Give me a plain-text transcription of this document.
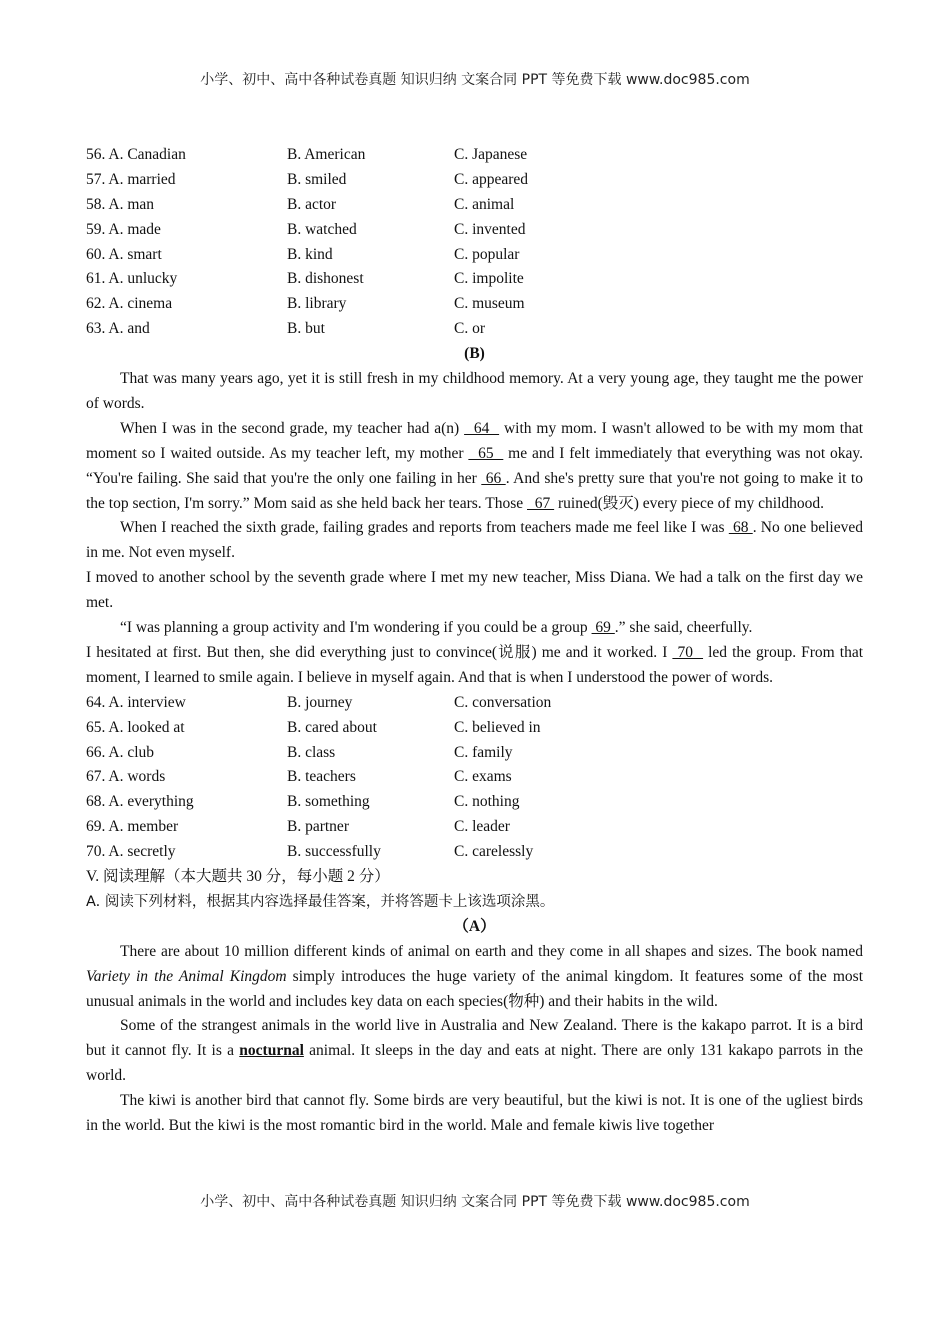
小学、初中、高中各种试卷真题 知识归纳 文案合同 PPT 等免费下载 www.doc985.com
56. A. Canadian	B. American	C. Japanese
57. A. married	B. smiled	C. appeared
58. A. man	B. actor	C. animal
59. A. made	B. watched	C. invented
60. A. smart	B. kind	C. popular
61. A. unlucky	B. dishonest	C. impolite
62. A. cinema	B. library	C. museum
63. A. and	B. but	C. or
(B)

That was many years ago, yet it is still fresh in my childhood memory. At a very young age, they taught me the power of words.

When I was in the second grade, my teacher had a(n)   64   with my mom. I wasn't allowed to be with my mom that moment so I waited outside. As my teacher left, my mother   65   me and I felt immediately that everything was not okay. “You're failing. She said that you're the only one failing in her  66 . And she's pretty sure that you're not going to make it to the top section, I'm sorry.” Mom said as she held back her tears. Those   67  ruined(毁灭) every piece of my childhood.

When I reached the sixth grade, failing grades and reports from teachers made me feel like I was  68 . No one believed in me. Not even myself.

I moved to another school by the seventh grade where I met my new teacher, Miss Diana. We had a talk on the first day we met.

“I was planning a group activity and I'm wondering if you could be a group  69 .” she said, cheerfully.

I hesitated at first. But then, she did everything just to convince(说服) me and it worked. I  70   led the group. From that moment, I learned to smile again. I believe in myself again. And that is when I understood the power of words.

64. A. interview	B. journey	C. conversation
65. A. looked at	B. cared about	C. believed in
66. A. club	B. class	C. family
67. A. words	B. teachers	C. exams
68. A. everything	B. something	C. nothing
69. A. member	B. partner	C. leader
70. A. secretly	B. successfully	C. carelessly
V. 阅读理解（本大题共 30 分，每小题 2 分）
A. 阅读下列材料，根据其内容选择最佳答案，并将答题卡上该选项涂黑。
（A）

There are about 10 million different kinds of animal on earth and they come in all shapes and sizes. The book named Variety in the Animal Kingdom simply introduces the huge variety of the animal kingdom. It features some of the most unusual animals in the world and includes key data on each species(物种) and their habits in the wild.

Some of the strangest animals in the world live in Australia and New Zealand. There is the kakapo parrot. It is a bird but it cannot fly. It is a nocturnal animal. It sleeps in the day and eats at night. There are only 131 kakapo parrots in the world.

The kiwi is another bird that cannot fly. Some birds are very beautiful, but the kiwi is not. It is one of the ugliest birds in the world. But the kiwi is the most romantic bird in the world. Male and female kiwis live together

小学、初中、高中各种试卷真题 知识归纳 文案合同 PPT 等免费下载 www.doc985.com
